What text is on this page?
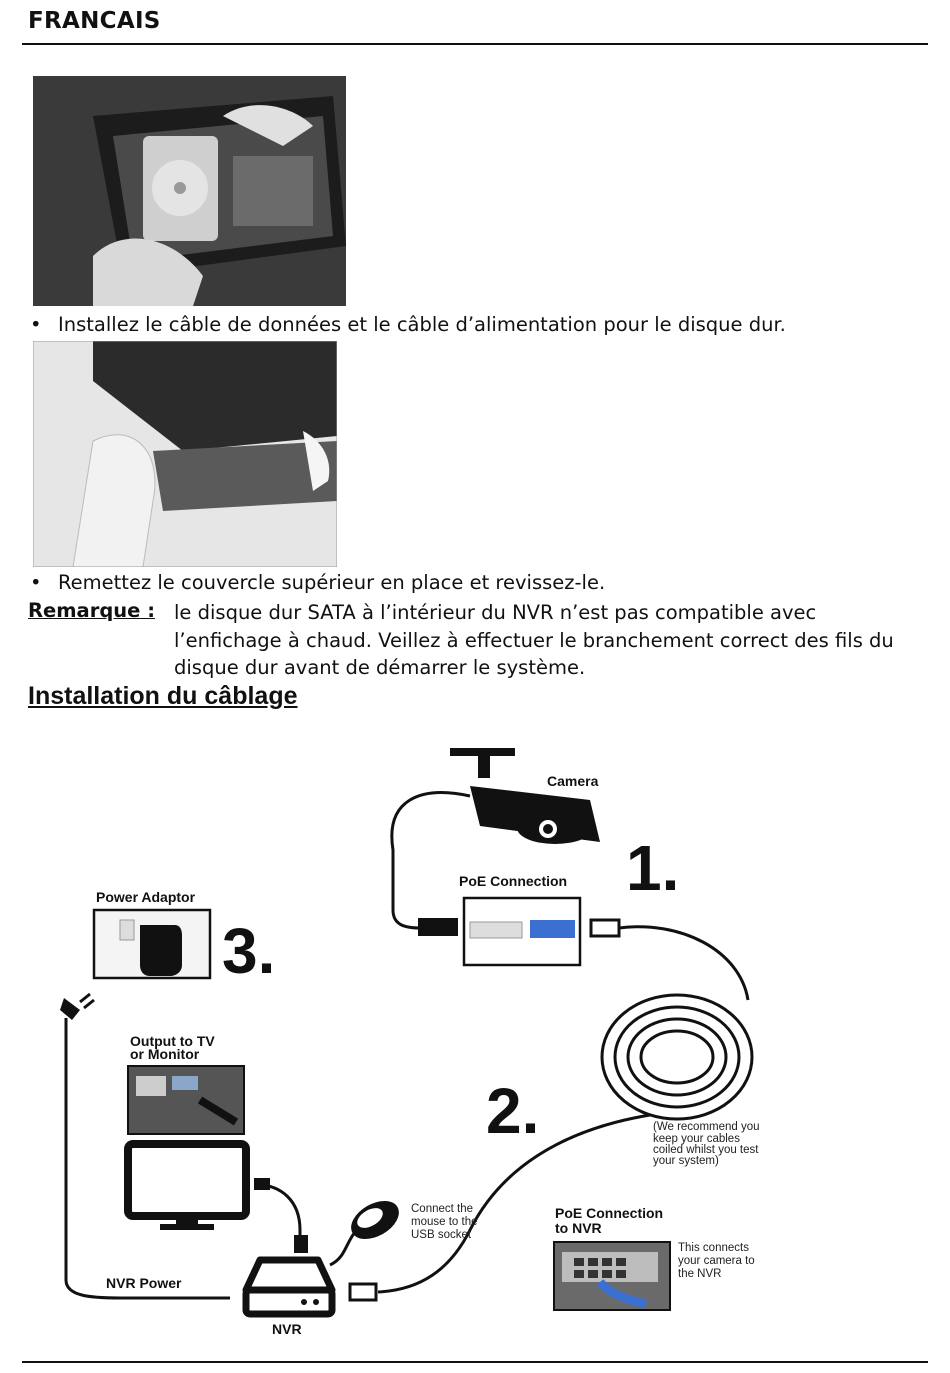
FRANCAIS
• Installez le câble de données et le câble d’alimentation pour le disque dur.
• Remettez le couvercle supérieur en place et revissez-le.
Remarque : le disque dur SATA à l’intérieur du NVR n’est pas compatible avec l’enfichage à chaud. Veillez à effectuer le branchement correct des fils du disque dur avant de démarrer le système.
Installation du câblage
Camera
PoE Connection 1.
(We recommend you
keep your cables
coiled whilst you test
your system)
2.
Power Adaptor
3.
NVR Power
Output to TV
or Monitor
Connect the
mouse to the
USB socket
NVR
PoE Connection
to NVR
This connects
your camera to
the NVR
